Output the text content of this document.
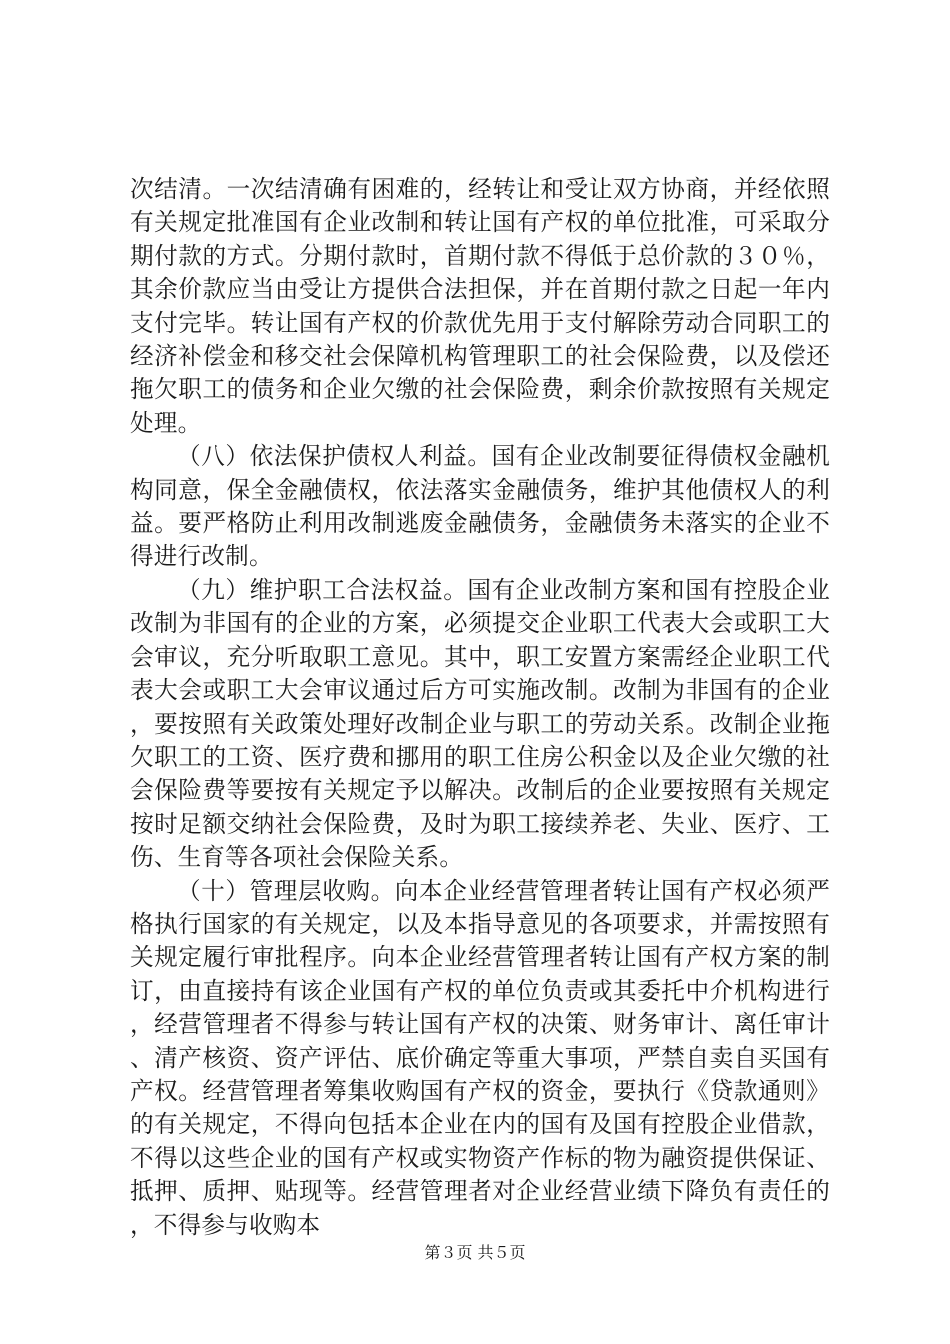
次结清。一次结清确有困难的，经转让和受让双方协商，并经依照有关规定批准国有企业改制和转让国有产权的单位批准，可采取分期付款的方式。分期付款时，首期付款不得低于总价款的３０％，其余价款应当由受让方提供合法担保，并在首期付款之日起一年内支付完毕。转让国有产权的价款优先用于支付解除劳动合同职工的经济补偿金和移交社会保障机构管理职工的社会保险费，以及偿还拖欠职工的债务和企业欠缴的社会保险费，剩余价款按照有关规定处理。

（八）依法保护债权人利益。国有企业改制要征得债权金融机构同意，保全金融债权，依法落实金融债务，维护其他债权人的利益。要严格防止利用改制逃废金融债务，金融债务未落实的企业不得进行改制。

（九）维护职工合法权益。国有企业改制方案和国有控股企业改制为非国有的企业的方案，必须提交企业职工代表大会或职工大会审议，充分听取职工意见。其中，职工安置方案需经企业职工代表大会或职工大会审议通过后方可实施改制。改制为非国有的企业，要按照有关政策处理好改制企业与职工的劳动关系。改制企业拖欠职工的工资、医疗费和挪用的职工住房公积金以及企业欠缴的社会保险费等要按有关规定予以解决。改制后的企业要按照有关规定按时足额交纳社会保险费，及时为职工接续养老、失业、医疗、工伤、生育等各项社会保险关系。

（十）管理层收购。向本企业经营管理者转让国有产权必须严格执行国家的有关规定，以及本指导意见的各项要求，并需按照有关规定履行审批程序。向本企业经营管理者转让国有产权方案的制订，由直接持有该企业国有产权的单位负责或其委托中介机构进行，经营管理者不得参与转让国有产权的决策、财务审计、离任审计、清产核资、资产评估、底价确定等重大事项，严禁自卖自买国有产权。经营管理者筹集收购国有产权的资金，要执行《贷款通则》的有关规定，不得向包括本企业在内的国有及国有控股企业借款，不得以这些企业的国有产权或实物资产作标的物为融资提供保证、抵押、质押、贴现等。经营管理者对企业经营业绩下降负有责任的，不得参与收购本

第３页 共５页
